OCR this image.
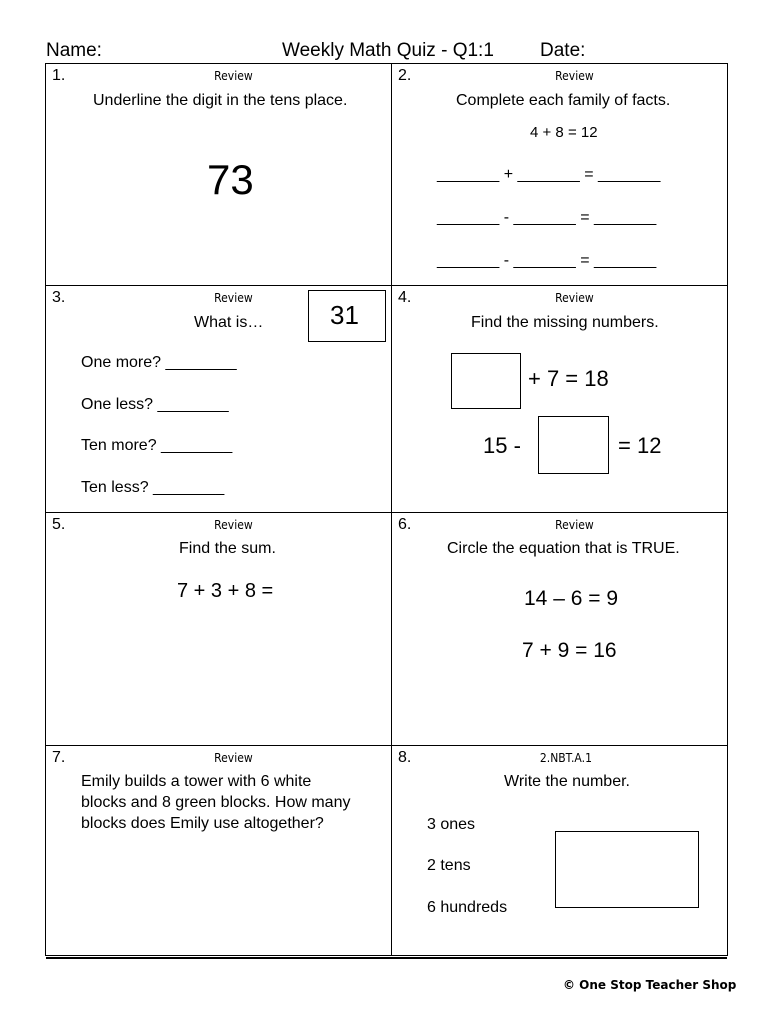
Name:	Weekly Math Quiz - Q1:1 Date:
1.	Review
Underline the digit in the tens place.
73
2.	Review
Complete each family of facts.
4 + 8 = 12
_______ + _______ = _______
_______ - _______ = _______
_______ - _______ = _______
3.	Review
What is…	31
One more? ________
One less? ________
Ten more? ________
Ten less? ________
4.	Review
Find the missing numbers.
+ 7 = 18
15 -	= 12
5.	Review
Find the sum.
7 + 3 + 8 =
6.	Review
Circle the equation that is TRUE.
14 – 6 = 9
7 + 9 = 16
7.	Review
Emily builds a tower with 6 white
blocks and 8 green blocks. How many
blocks does Emily use altogether?
8.	2.NBT.A.1
Write the number.
3 ones
2 tens
6 hundreds
© One Stop Teacher Shop
